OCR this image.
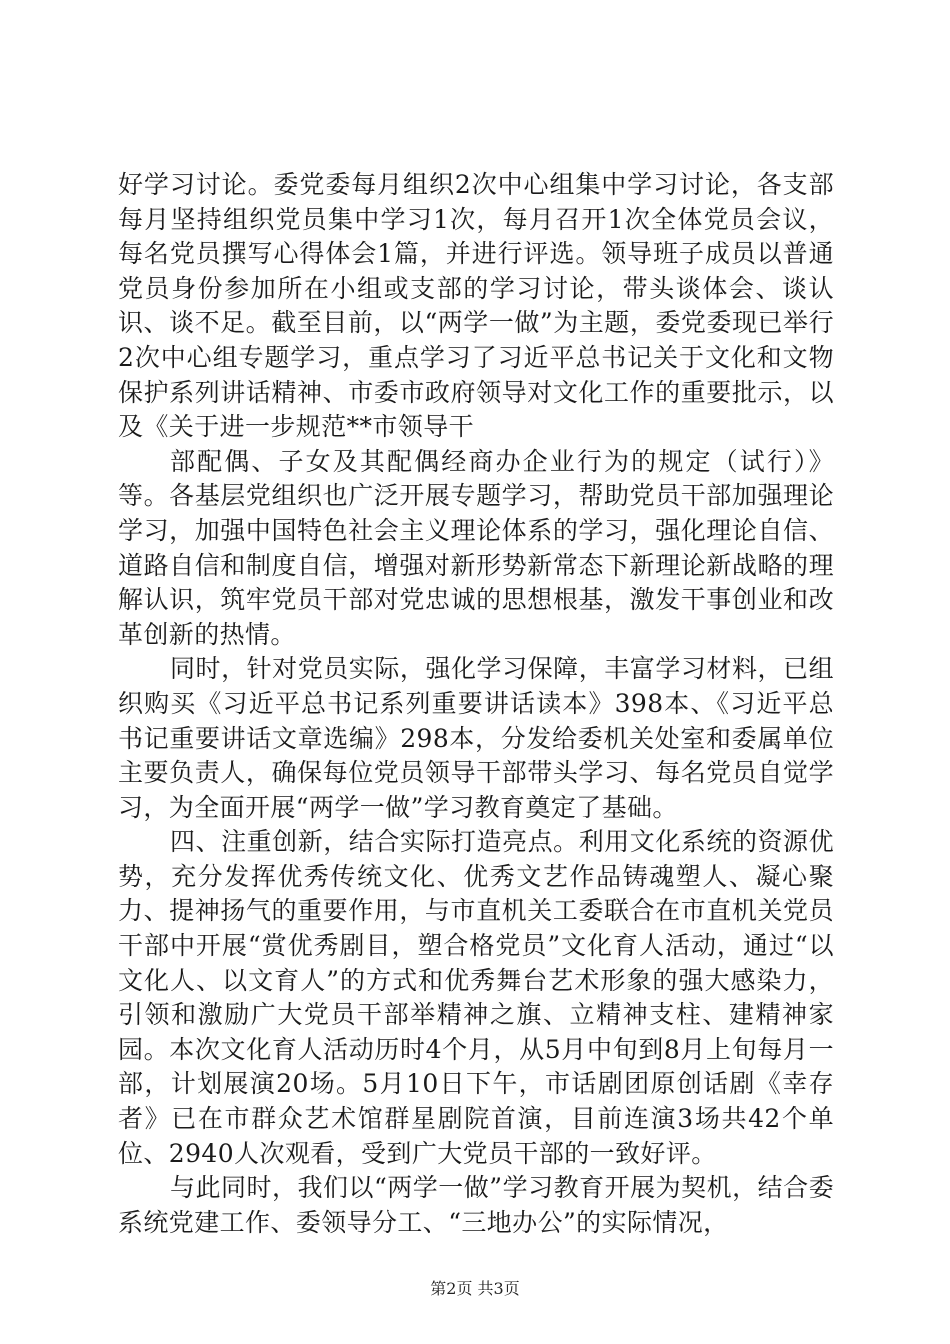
好学习讨论。委党委每月组织2次中心组集中学习讨论，各支部每月坚持组织党员集中学习1次，每月召开1次全体党员会议，每名党员撰写心得体会1篇，并进行评选。领导班子成员以普通党员身份参加所在小组或支部的学习讨论，带头谈体会、谈认识、谈不足。截至目前，以“两学一做”为主题，委党委现已举行2次中心组专题学习，重点学习了习近平总书记关于文化和文物保护系列讲话精神、市委市政府领导对文化工作的重要批示，以及《关于进一步规范**市领导干

部配偶、子女及其配偶经商办企业行为的规定（试行）》等。各基层党组织也广泛开展专题学习，帮助党员干部加强理论学习，加强中国特色社会主义理论体系的学习，强化理论自信、道路自信和制度自信，增强对新形势新常态下新理论新战略的理解认识，筑牢党员干部对党忠诚的思想根基，激发干事创业和改革创新的热情。

同时，针对党员实际，强化学习保障，丰富学习材料，已组织购买《习近平总书记系列重要讲话读本》398本、《习近平总书记重要讲话文章选编》298本，分发给委机关处室和委属单位主要负责人，确保每位党员领导干部带头学习、每名党员自觉学习，为全面开展“两学一做”学习教育奠定了基础。

四、注重创新，结合实际打造亮点。利用文化系统的资源优势，充分发挥优秀传统文化、优秀文艺作品铸魂塑人、凝心聚力、提神扬气的重要作用，与市直机关工委联合在市直机关党员干部中开展“赏优秀剧目，塑合格党员”文化育人活动，通过“以文化人、以文育人”的方式和优秀舞台艺术形象的强大感染力，引领和激励广大党员干部举精神之旗、立精神支柱、建精神家园。本次文化育人活动历时4个月，从5月中旬到8月上旬每月一部，计划展演20场。5月10日下午，市话剧团原创话剧《幸存者》已在市群众艺术馆群星剧院首演，目前连演3场共42个单位、2940人次观看，受到广大党员干部的一致好评。

与此同时，我们以“两学一做”学习教育开展为契机，结合委系统党建工作、委领导分工、“三地办公”的实际情况，

第2页 共3页
